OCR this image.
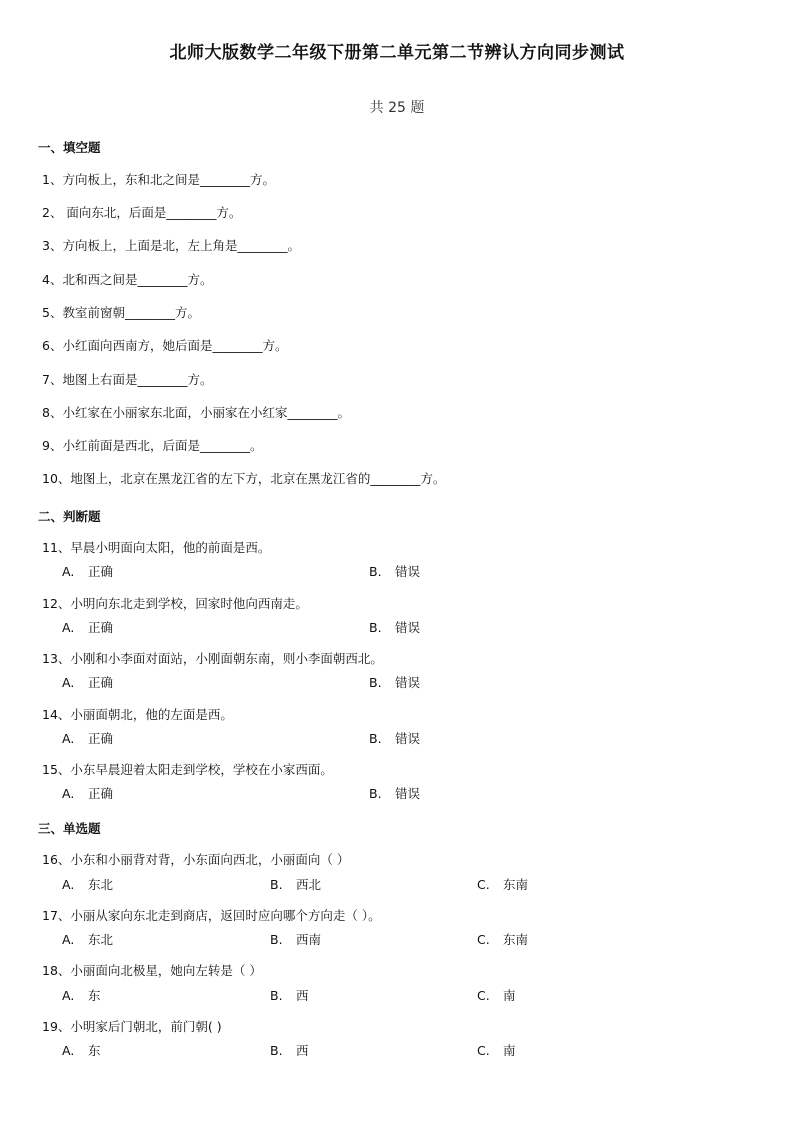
北师大版数学二年级下册第二单元第二节辨认方向同步测试
共 25 题
一、填空题
1、方向板上，东和北之间是________方。
2、 面向东北，后面是________方。
3、方向板上，上面是北，左上角是________。
4、北和西之间是________方。
5、教室前窗朝________方。
6、小红面向西南方，她后面是________方。
7、地图上右面是________方。
8、小红家在小丽家东北面，小丽家在小红家________。
9、小红前面是西北，后面是________。
10、地图上，北京在黑龙江省的左下方，北京在黑龙江省的________方。
二、判断题
11、早晨小明面向太阳，他的前面是西。
A. 正确	B. 错误
12、小明向东北走到学校，回家时他向西南走。
A. 正确	B. 错误
13、小刚和小李面对面站，小刚面朝东南，则小李面朝西北。
A. 正确	B. 错误
14、小丽面朝北，他的左面是西。
A. 正确	B. 错误
15、小东早晨迎着太阳走到学校，学校在小家西面。
A. 正确	B. 错误
三、单选题
16、小东和小丽背对背，小东面向西北，小丽面向（ ）
A. 东北	B. 西北	C. 东南
17、小丽从家向东北走到商店，返回时应向哪个方向走（ ）。
A. 东北	B. 西南	C. 东南
18、小丽面向北极星，她向左转是（ ）
A. 东	B. 西	C. 南
19、小明家后门朝北，前门朝( )
A. 东	B. 西	C. 南
